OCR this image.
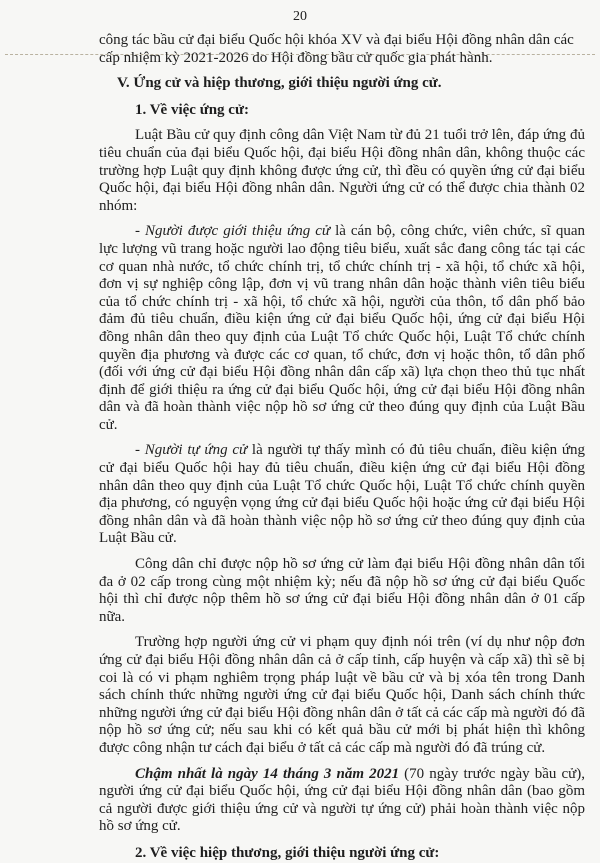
20

công tác bầu cử đại biểu Quốc hội khóa XV và đại biểu Hội đồng nhân dân các
cấp nhiệm kỳ 2021-2026 do Hội đồng bầu cử quốc gia phát hành.

V. Ứng cử và hiệp thương, giới thiệu người ứng cử.

1. Về việc ứng cử:

Luật Bầu cử quy định công dân Việt Nam từ đủ 21 tuổi trở lên, đáp ứng đủ tiêu chuẩn của đại biểu Quốc hội, đại biểu Hội đồng nhân dân, không thuộc các trường hợp Luật quy định không được ứng cử, thì đều có quyền ứng cử đại biểu Quốc hội, đại biểu Hội đồng nhân dân. Người ứng cử có thể được chia thành 02 nhóm:

- Người được giới thiệu ứng cử là cán bộ, công chức, viên chức, sĩ quan lực lượng vũ trang hoặc người lao động tiêu biểu, xuất sắc đang công tác tại các cơ quan nhà nước, tổ chức chính trị, tổ chức chính trị - xã hội, tổ chức xã hội, đơn vị sự nghiệp công lập, đơn vị vũ trang nhân dân hoặc thành viên tiêu biểu của tổ chức chính trị - xã hội, tổ chức xã hội, người của thôn, tổ dân phố bảo đảm đủ tiêu chuẩn, điều kiện ứng cử đại biểu Quốc hội, ứng cử đại biểu Hội đồng nhân dân theo quy định của Luật Tổ chức Quốc hội, Luật Tổ chức chính quyền địa phương và được các cơ quan, tổ chức, đơn vị hoặc thôn, tổ dân phố (đối với ứng cử đại biểu Hội đồng nhân dân cấp xã) lựa chọn theo thủ tục nhất định để giới thiệu ra ứng cử đại biểu Quốc hội, ứng cử đại biểu Hội đồng nhân dân và đã hoàn thành việc nộp hồ sơ ứng cử theo đúng quy định của Luật Bầu cử.

- Người tự ứng cử là người tự thấy mình có đủ tiêu chuẩn, điều kiện ứng cử đại biểu Quốc hội hay đủ tiêu chuẩn, điều kiện ứng cử đại biểu Hội đồng nhân dân theo quy định của Luật Tổ chức Quốc hội, Luật Tổ chức chính quyền địa phương, có nguyện vọng ứng cử đại biểu Quốc hội hoặc ứng cử đại biểu Hội đồng nhân dân và đã hoàn thành việc nộp hồ sơ ứng cử theo đúng quy định của Luật Bầu cử.

Công dân chỉ được nộp hồ sơ ứng cử làm đại biểu Hội đồng nhân dân tối đa ở 02 cấp trong cùng một nhiệm kỳ; nếu đã nộp hồ sơ ứng cử đại biểu Quốc hội thì chỉ được nộp thêm hồ sơ ứng cử đại biểu Hội đồng nhân dân ở 01 cấp nữa.

Trường hợp người ứng cử vi phạm quy định nói trên (ví dụ như nộp đơn ứng cử đại biểu Hội đồng nhân dân cả ở cấp tỉnh, cấp huyện và cấp xã) thì sẽ bị coi là có vi phạm nghiêm trọng pháp luật về bầu cử và bị xóa tên trong Danh sách chính thức những người ứng cử đại biểu Quốc hội, Danh sách chính thức những người ứng cử đại biểu Hội đồng nhân dân ở tất cả các cấp mà người đó đã nộp hồ sơ ứng cử; nếu sau khi có kết quả bầu cử mới bị phát hiện thì không được công nhận tư cách đại biểu ở tất cả các cấp mà người đó đã trúng cử.

Chậm nhất là ngày 14 tháng 3 năm 2021 (70 ngày trước ngày bầu cử), người ứng cử đại biểu Quốc hội, ứng cử đại biểu Hội đồng nhân dân (bao gồm cả người được giới thiệu ứng cử và người tự ứng cử) phải hoàn thành việc nộp hồ sơ ứng cử.

2. Về việc hiệp thương, giới thiệu người ứng cử:
